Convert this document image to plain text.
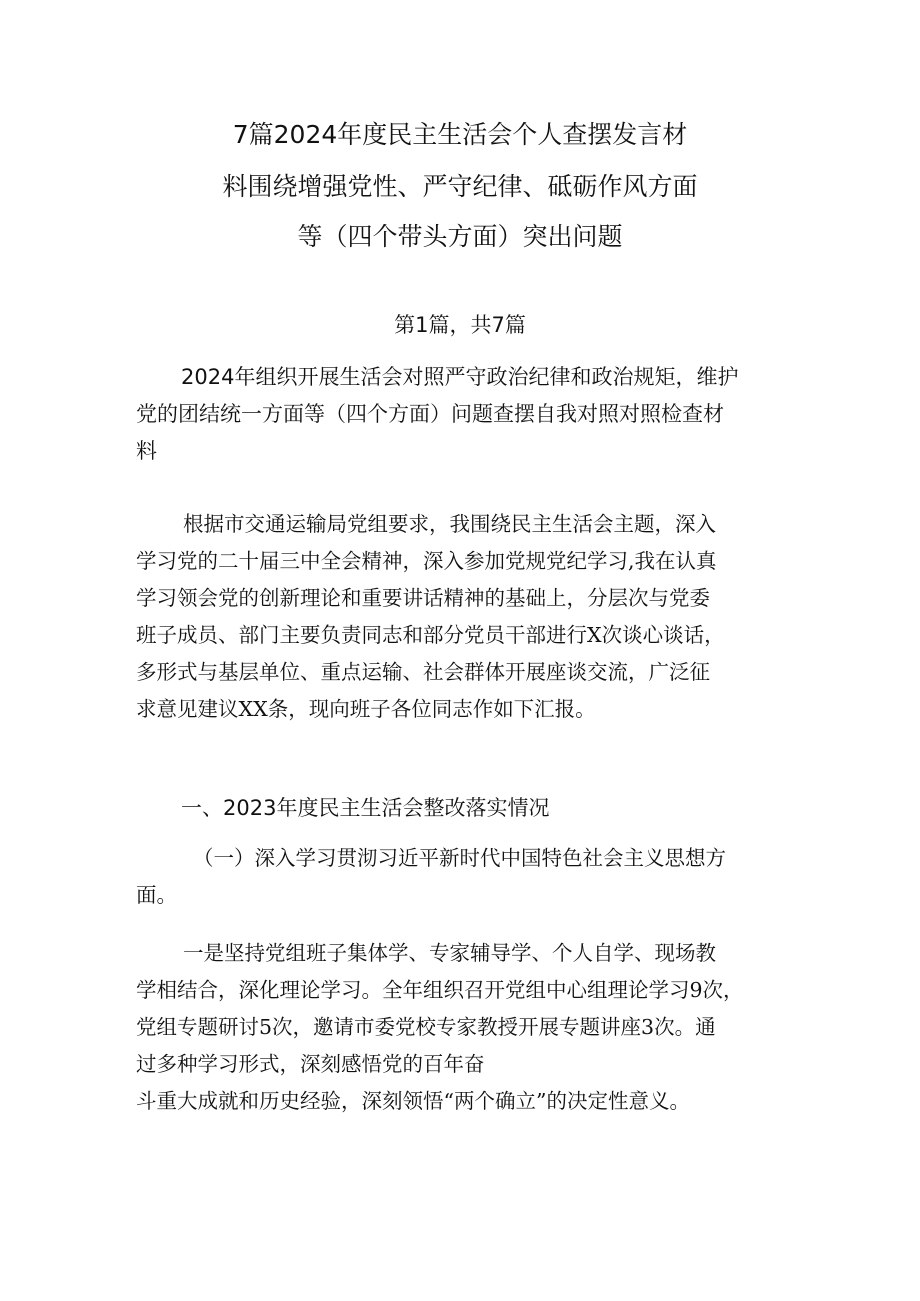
7篇2024年度民主生活会个人查摆发言材
料围绕增强党性、严守纪律、砥砺作风方面
等（四个带头方面）突出问题
第1篇，共7篇
2024年组织开展生活会对照严守政治纪律和政治规矩，维护
党的团结统一方面等（四个方面）问题查摆自我对照对照检查材
料
根据市交通运输局党组要求，我围绕民主生活会主题，深入
学习党的二十届三中全会精神，深入参加党规党纪学习,我在认真
学习领会党的创新理论和重要讲话精神的基础上，分层次与党委
班子成员、部门主要负责同志和部分党员干部进行X次谈心谈话，
多形式与基层单位、重点运输、社会群体开展座谈交流，广泛征
求意见建议XX条，现向班子各位同志作如下汇报。
一、2023年度民主生活会整改落实情况
（一）深入学习贯沏习近平新时代中国特色社会主义思想方
面。
一是坚持党组班子集体学、专家辅导学、个人自学、现场教
学相结合，深化理论学习。全年组织召开党组中心组理论学习9次，
党组专题研讨5次，邀请市委党校专家教授开展专题讲座3次。通
过多种学习形式，深刻感悟党的百年奋
斗重大成就和历史经验，深刻领悟“两个确立”的决定性意义。
